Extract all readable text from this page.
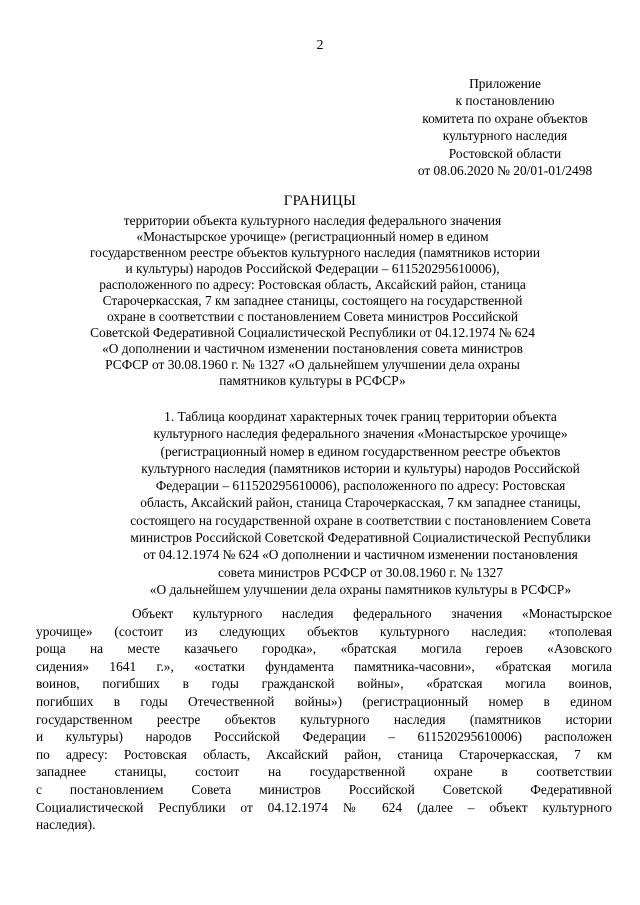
2
Приложение
к постановлению
комитета по охране объектов
культурного наследия
Ростовской области
от 08.06.2020 № 20/01-01/2498
ГРАНИЦЫ
территории объекта культурного наследия федерального значения
«Монастырское урочище» (регистрационный номер в едином
государственном реестре объектов культурного наследия (памятников истории
и культуры) народов Российской Федерации – 611520295610006),
расположенного по адресу: Ростовская область, Аксайский район, станица
Старочеркасская, 7 км западнее станицы, состоящего на государственной
охране в соответствии с постановлением Совета министров Российской
Советской Федеративной Социалистической Республики от 04.12.1974 № 624
«О дополнении и частичном изменении постановления совета министров
РСФСР от 30.08.1960 г. № 1327 «О дальнейшем улучшении дела охраны
памятников культуры в РСФСР»
1. Таблица координат характерных точек границ территории объекта
культурного наследия федерального значения «Монастырское урочище»
(регистрационный номер в едином государственном реестре объектов
культурного наследия (памятников истории и культуры) народов Российской
Федерации – 611520295610006), расположенного по адресу: Ростовская
область, Аксайский район, станица Старочеркасская, 7 км западнее станицы,
состоящего на государственной охране в соответствии с постановлением Совета
министров Российской Советской Федеративной Социалистической Республики
от 04.12.1974 № 624 «О дополнении и частичном изменении постановления
совета министров РСФСР от 30.08.1960 г. № 1327
«О дальнейшем улучшении дела охраны памятников культуры в РСФСР»
Объект культурного наследия федерального значения «Монастырское
урочище» (состоит из следующих объектов культурного наследия: «тополевая
роща на месте казачьего городка», «братская могила героев «Азовского
сидения» 1641 г.», «остатки фундамента памятника-часовни», «братская могила
воинов, погибших в годы гражданской войны», «братская могила воинов,
погибших в годы Отечественной войны») (регистрационный номер в едином
государственном реестре объектов культурного наследия (памятников истории
и культуры) народов Российской Федерации – 611520295610006) расположен
по адресу: Ростовская область, Аксайский район, станица Старочеркасская, 7 км
западнее станицы, состоит на государственной охране в соответствии
с постановлением Совета министров Российской Советской Федеративной
Социалистической Республики от 04.12.1974 № 624 (далее – объект культурного
наследия).
